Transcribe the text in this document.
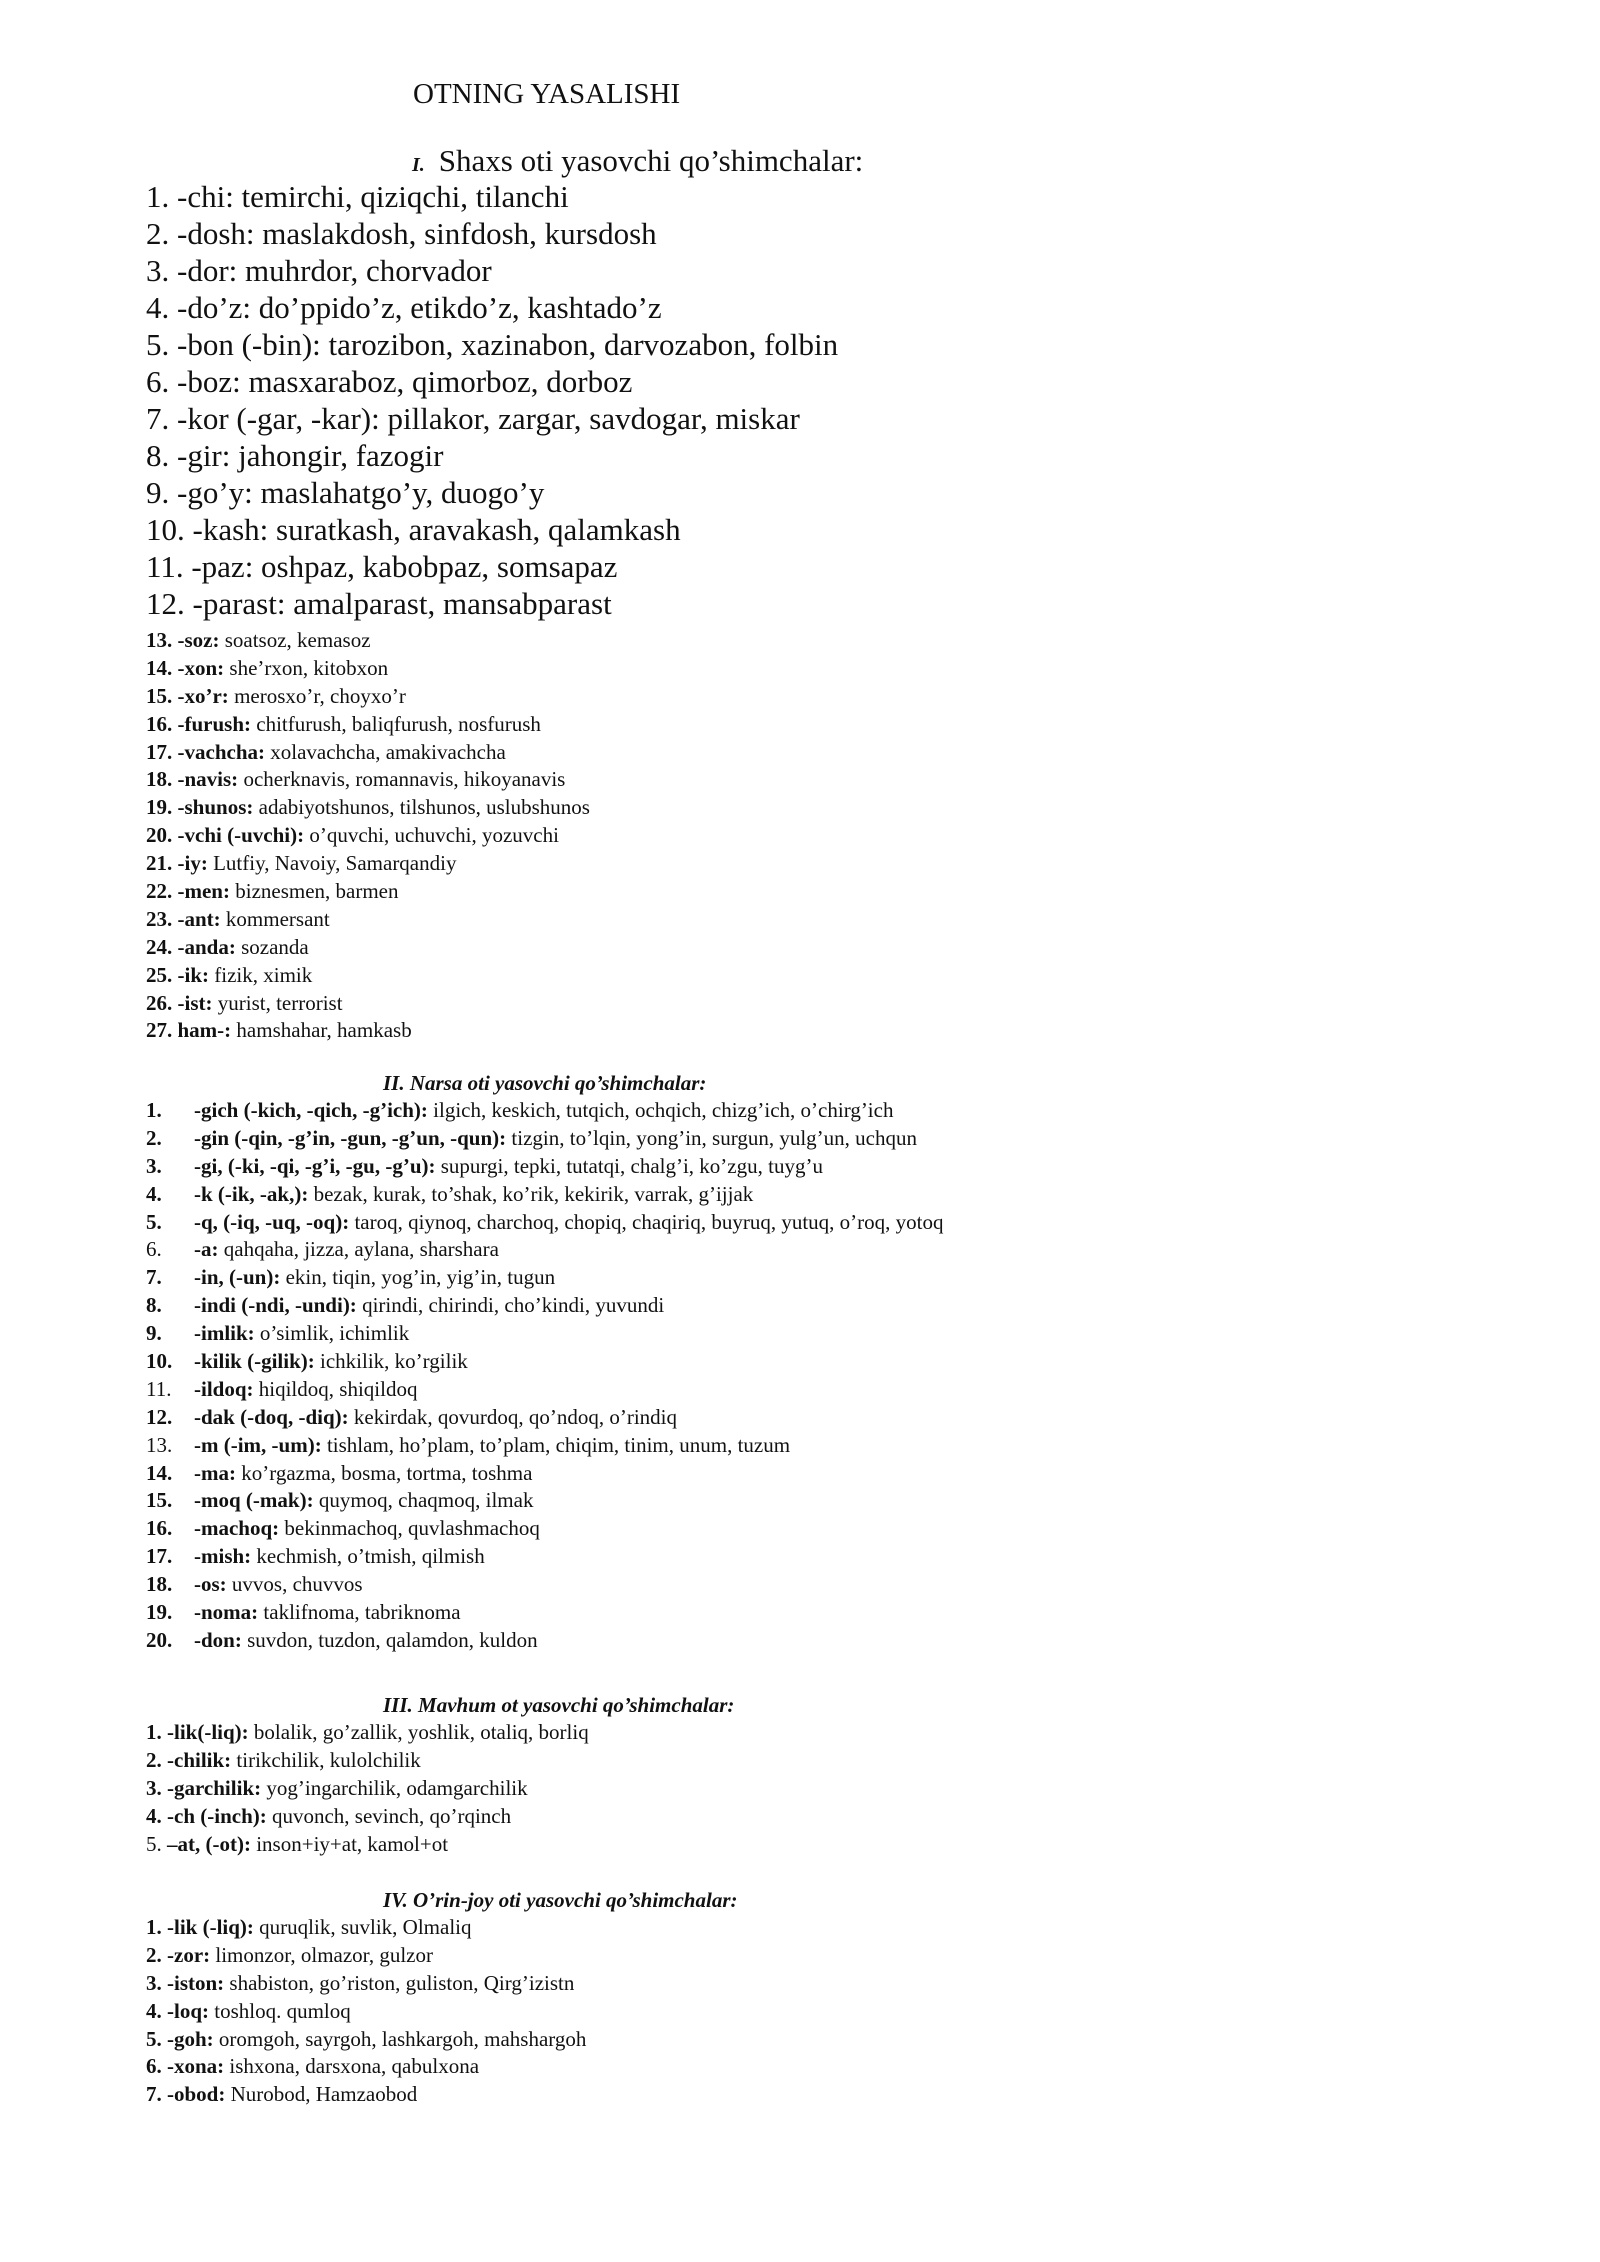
OTNING YASALISHI
I. Shaxs oti yasovchi qo’shimchalar:
1. -chi: temirchi, qiziqchi, tilanchi
2. -dosh: maslakdosh, sinfdosh, kursdosh
3. -dor: muhrdor, chorvador
4. -do’z: do’ppido’z, etikdo’z, kashtado’z
5. -bon (-bin): tarozibon, xazinabon, darvozabon, folbin
6. -boz: masxaraboz, qimorboz, dorboz
7. -kor (-gar, -kar): pillakor, zargar, savdogar, miskar
8. -gir: jahongir, fazogir
9. -go’y: maslahatgo’y, duogo’y
10. -kash: suratkash, aravakash, qalamkash
11. -paz: oshpaz, kabobpaz, somsapaz
12. -parast: amalparast, mansabparast
13. -soz: soatsoz, kemasoz
14. -xon: she’rxon, kitobxon
15. -xo’r: merosxo’r, choyxo’r
16. -furush: chitfurush, baliqfurush, nosfurush
17. -vachcha: xolavachcha, amakivachcha
18. -navis: ocherknavis, romannavis, hikoyanavis
19. -shunos: adabiyotshunos, tilshunos, uslubshunos
20. -vchi (-uvchi): o’quvchi, uchuvchi, yozuvchi
21. -iy: Lutfiy, Navoiy, Samarqandiy
22. -men: biznesmen, barmen
23. -ant: kommersant
24. -anda: sozanda
25. -ik: fizik, ximik
26. -ist: yurist, terrorist
27. ham-: hamshahar, hamkasb
II. Narsa oti yasovchi qo’shimchalar:
1. -gich (-kich, -qich, -g’ich): ilgich, keskich, tutqich, ochqich, chizg’ich, o’chirg’ich
2. -gin (-qin, -g’in, -gun, -g’un, -qun): tizgin, to’lqin, yong’in, surgun, yulg’un, uchqun
3. -gi, (-ki, -qi, -g’i, -gu, -g’u): supurgi, tepki, tutatqi, chalg’i, ko’zgu, tuyg’u
4. -k (-ik, -ak,): bezak, kurak, to’shak, ko’rik, kekirik, varrak, g’ijjak
5. -q, (-iq, -uq, -oq): taroq, qiynoq, charchoq, chopiq, chaqiriq, buyruq, yutuq, o’roq, yotoq
6. -a: qahqaha, jizza, aylana, sharshara
7. -in, (-un): ekin, tiqin, yog’in, yig’in, tugun
8. -indi (-ndi, -undi): qirindi, chirindi, cho’kindi, yuvundi
9. -imlik: o’simlik, ichimlik
10. -kilik (-gilik): ichkilik, ko’rgilik
11. -ildoq: hiqildoq, shiqildoq
12. -dak (-doq, -diq): kekirdak, qovurdoq, qo’ndoq, o’rindiq
13. -m (-im, -um): tishlam, ho’plam, to’plam, chiqim, tinim, unum, tuzum
14. -ma: ko’rgazma, bosma, tortma, toshma
15. -moq (-mak): quymoq, chaqmoq, ilmak
16. -machoq: bekinmachoq, quvlashmachoq
17. -mish: kechmish, o’tmish, qilmish
18. -os: uvvos, chuvvos
19. -noma: taklifnoma, tabriknoma
20. -don: suvdon, tuzdon, qalamdon, kuldon
III. Mavhum ot yasovchi qo’shimchalar:
1. -lik(-liq): bolalik, go’zallik, yoshlik, otaliq, borliq
2. -chilik: tirikchilik, kulolchilik
3. -garchilik: yog’ingarchilik, odamgarchilik
4. -ch (-inch): quvonch, sevinch, qo’rqinch
5. –at, (-ot): inson+iy+at, kamol+ot
IV. O’rin-joy oti yasovchi qo’shimchalar:
1. -lik (-liq): quruqlik, suvlik, Olmaliq
2. -zor: limonzor, olmazor, gulzor
3. -iston: shabiston, go’riston, guliston, Qirg’izistn
4. -loq: toshloq. qumloq
5. -goh: oromgoh, sayrgoh, lashkargoh, mahshargoh
6. -xona: ishxona, darsxona, qabulxona
7. -obod: Nurobod, Hamzaobod
